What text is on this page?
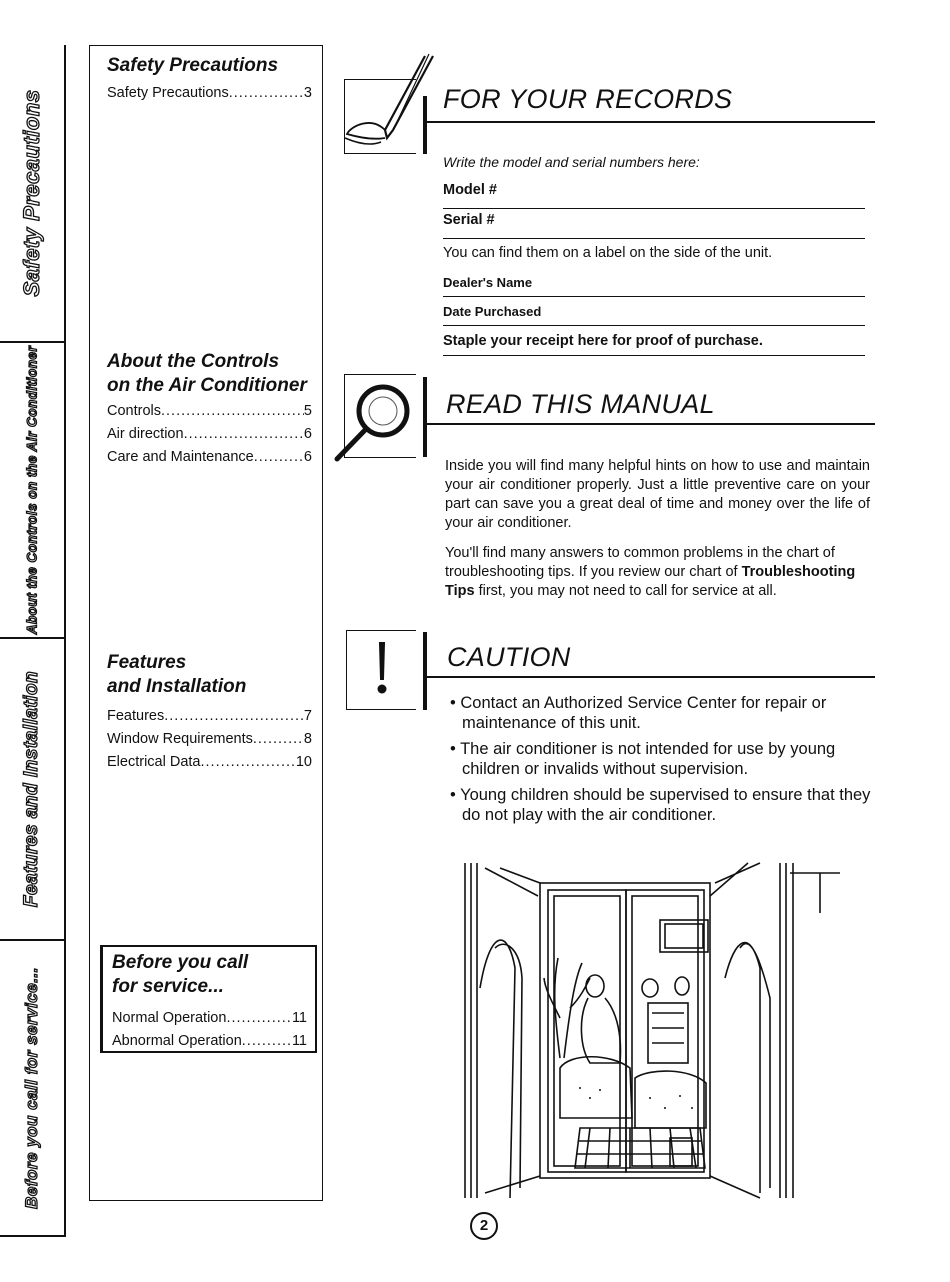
Safety Precautions
About the Controls on the Air Conditioner
Features and Installation
Before you call for service...
Safety Precautions
Safety Precautions .....	3
About the Controls
on the Air Conditioner
Controls .....	5
Air direction .....	6
Care and Maintenance .....	6
Features
and Installation
Features .....	7
Window Requirements .....	8
Electrical Data .....	10
Before you call
for service...
Normal Operation .....	11
Abnormal Operation .....	11
FOR YOUR RECORDS
Write the model and serial numbers here:
Model #
Serial #
You can find them on a label on the side of the unit.
Dealer's Name
Date Purchased
Staple your receipt here for proof of purchase.
READ THIS MANUAL
Inside you will find many helpful hints on how to use and maintain your air conditioner properly. Just a little preventive care on your part can save you a great deal of time and money over the life of your air conditioner.
You'll find many answers to common problems in the chart of troubleshooting tips. If you review our chart of Troubleshooting Tips first, you may not need to call for service at all.
CAUTION
• Contact an Authorized Service Center for repair or maintenance of this unit.
• The air conditioner is not intended for use by young children or invalids without supervision.
• Young children should be supervised to ensure that they do not play with the air conditioner.
2
